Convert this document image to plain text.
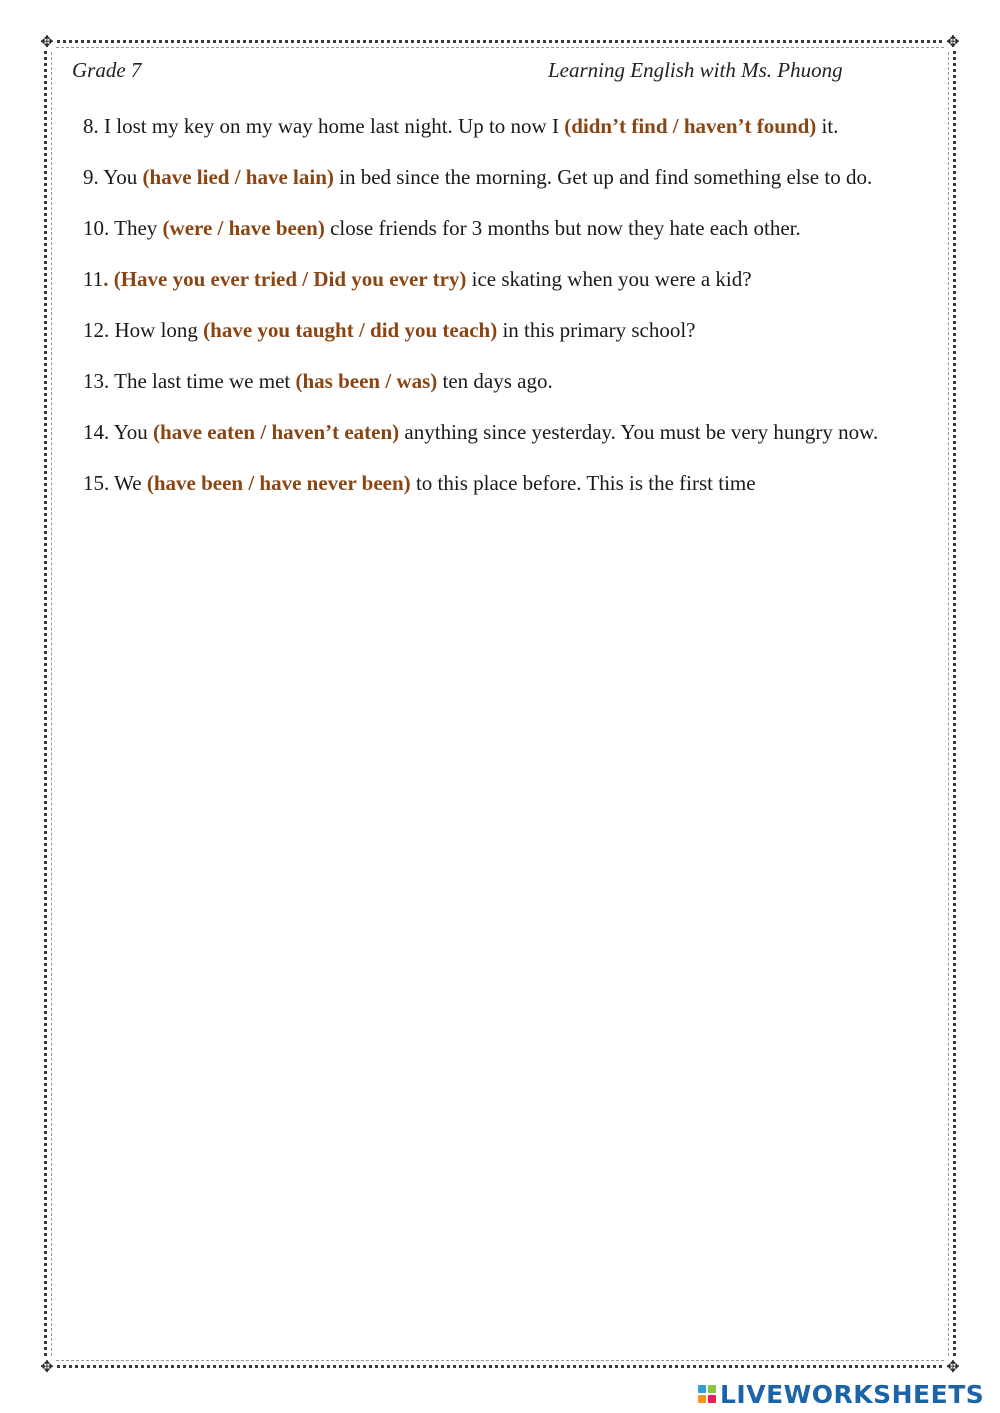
✥	✥
✥	✥
Grade 7	Learning English with Ms. Phuong

8. I lost my key on my way home last night. Up to now I (didn’t find / haven’t found) it.

9. You (have lied / have lain) in bed since the morning. Get up and find something else to do.

10. They (were / have been) close friends for 3 months but now they hate each other.

11. (Have you ever tried / Did you ever try) ice skating when you were a kid?

12. How long (have you taught / did you teach) in this primary school?

13. The last time we met (has been / was) ten days ago.

14. You (have eaten / haven’t eaten) anything since yesterday. You must be very hungry now.

15. We (have been / have never been) to this place before. This is the first time

LIVEWORKSHEETS
